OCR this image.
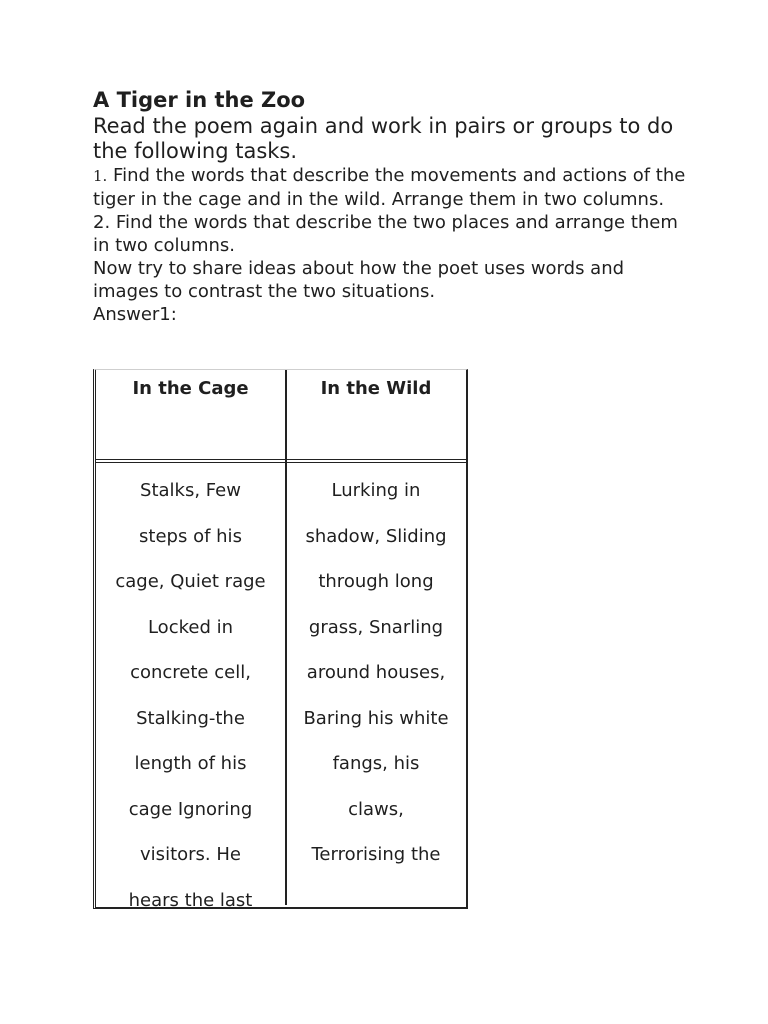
A Tiger in the Zoo

Read the poem again and work in pairs or groups to do the following tasks.

1. Find the words that describe the movements and actions of the tiger in the cage and in the wild. Arrange them in two columns.

2. Find the words that describe the two places and arrange them in two columns.

Now try to share ideas about how the poet uses words and images to contrast the two situations.

Answer1:

In the Cage	In the Wild
Stalks, Few
steps of his
cage, Quiet rage
Locked in
concrete cell,
Stalking-the
length of his
cage Ignoring
visitors. He
hears the last
Lurking in
shadow, Sliding
through long
grass, Snarling
around houses,
Baring his white
fangs, his
claws,
Terrorising the
